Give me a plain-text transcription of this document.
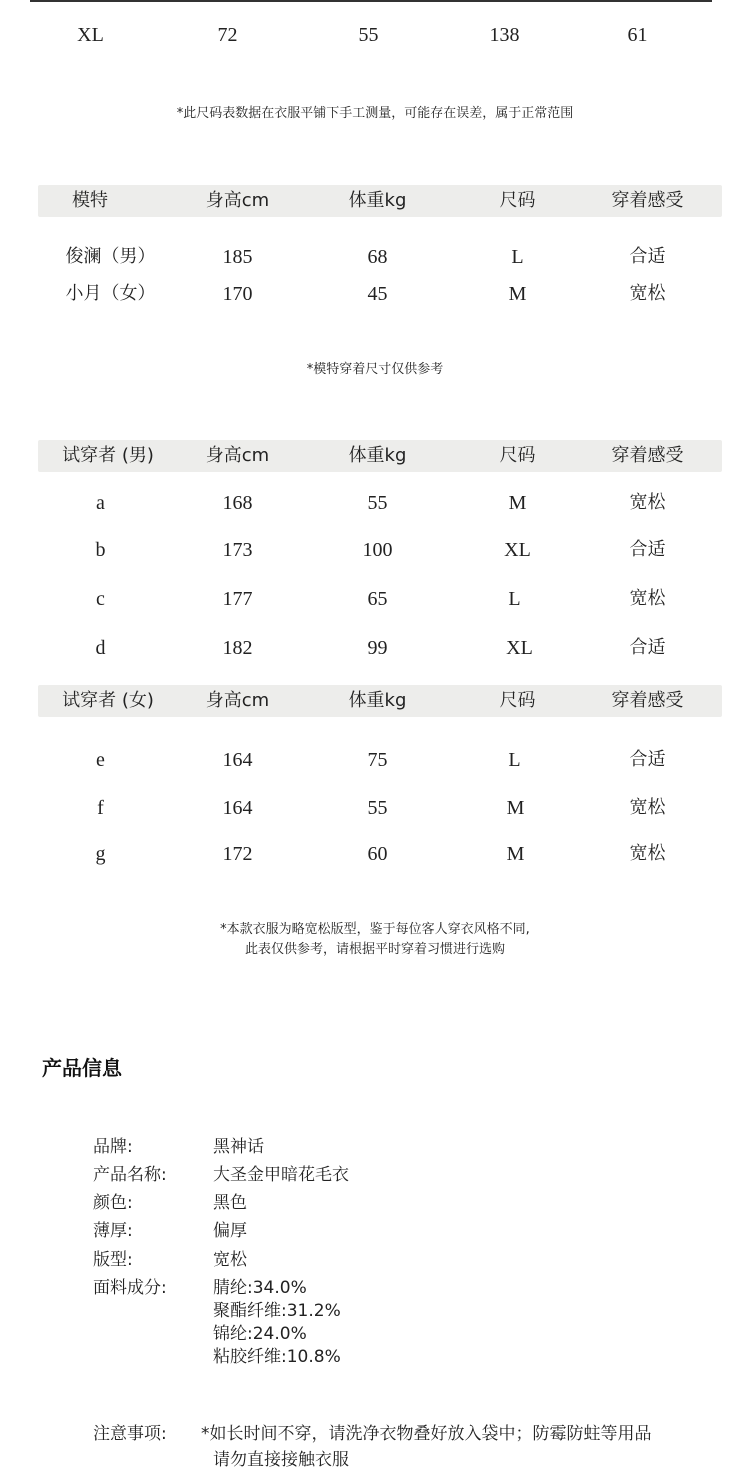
XL	72	55	138	61
*此尺码表数据在衣服平铺下手工测量，可能存在误差，属于正常范围
模特	身高cm	体重kg	尺码	穿着感受
俊澜（男）	185	68	L	合适
小月（女）	170	45	M	宽松
*模特穿着尺寸仅供参考
试穿者 (男)	身高cm	体重kg	尺码	穿着感受
a	168	55	M	宽松
b	173	100	XL	合适
c	177	65	L	宽松
d	182	99	XL	合适
试穿者 (女)	身高cm	体重kg	尺码	穿着感受
e	164	75	L	合适
f	164	55	M	宽松
g	172	60	M	宽松
*本款衣服为略宽松版型，鉴于每位客人穿衣风格不同,
此表仅供参考，请根据平时穿着习惯进行选购
产品信息
品牌:	黑神话
产品名称:	大圣金甲暗花毛衣
颜色:	黑色
薄厚:	偏厚
版型:	宽松
面料成分:	腈纶:34.0%
聚酯纤维:31.2%
锦纶:24.0%
粘胶纤维:10.8%
注意事项: *如长时间不穿，请洗净衣物叠好放入袋中；防霉防蛀等用品
请勿直接接触衣服
